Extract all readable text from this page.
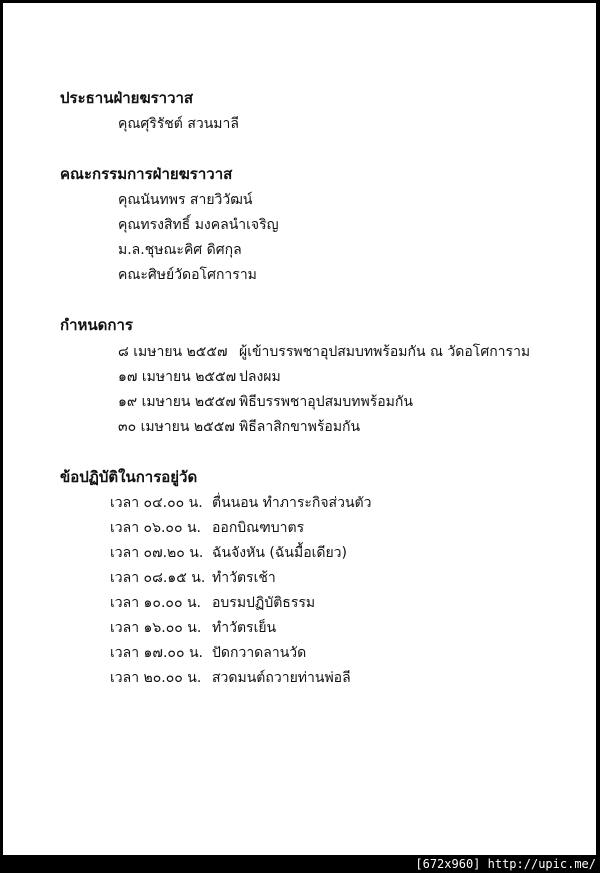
ประธานฝ่ายฆราวาส
คุณศุริรัชต์ สวนมาลี
คณะกรรมการฝ่ายฆราวาส
คุณนันทพร สายวิวัฒน์
คุณทรงสิทธิ์ มงคลนำเจริญ
ม.ล.ชุษณะคิศ ดิศกุล
คณะศิษย์วัดอโศการาม
กำหนดการ
๘ เมษายน ๒๕๕๗ ผู้เข้าบรรพชาอุปสมบทพร้อมกัน ณ วัดอโศการาม
๑๗ เมษายน ๒๕๕๗ ปลงผม
๑๙ เมษายน ๒๕๕๗ พิธีบรรพชาอุปสมบทพร้อมกัน
๓๐ เมษายน ๒๕๕๗ พิธีลาสิกขาพร้อมกัน
ข้อปฏิบัติในการอยู่วัด
เวลา ๐๔.๐๐ น. ตื่นนอน ทำภาระกิจส่วนตัว
เวลา ๐๖.๐๐ น. ออกบิณฑบาตร
เวลา ๐๗.๒๐ น. ฉันจังหัน (ฉันมื้อเดียว)
เวลา ๐๘.๑๕ น. ทำวัตรเช้า
เวลา ๑๐.๐๐ น. อบรมปฏิบัติธรรม
เวลา ๑๖.๐๐ น. ทำวัตรเย็น
เวลา ๑๗.๐๐ น. ปัดกวาดลานวัด
เวลา ๒๐.๐๐ น. สวดมนต์ถวายท่านพ่อลี
[672x960] http://upic.me/
